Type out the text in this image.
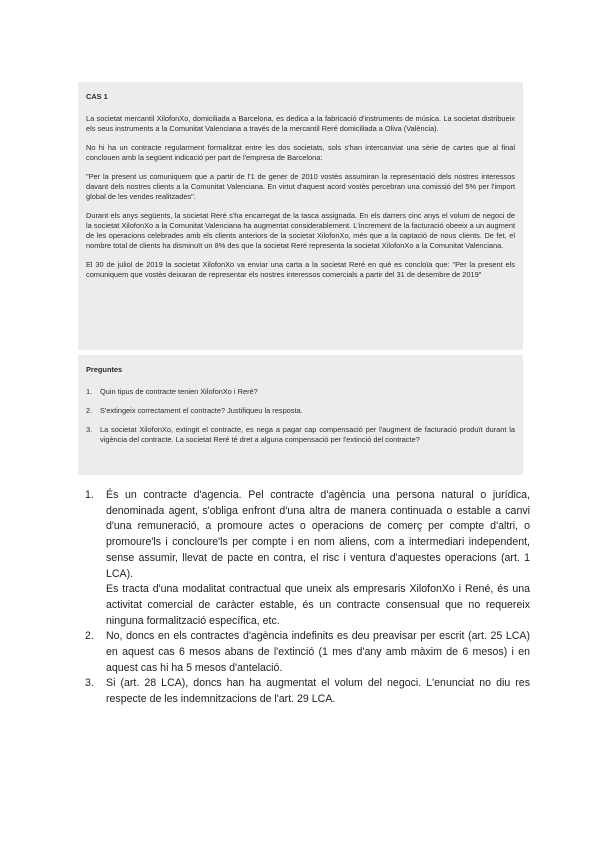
CAS 1

La societat mercantil XilofonXo, domiciliada a Barcelona, es dedica a la fabricació d'instruments de música. La societat distribueix els seus instruments a la Comunitat Valenciana a través de la mercantil Reré domiciliada a Oliva (València).

No hi ha un contracte regularment formalitzat entre les dos societats, sols s'han intercanviat una sèrie de cartes que al final conclouen amb la següent indicació per part de l'empresa de Barcelona:

"Per la present us comuniquem que a partir de l'1 de gener de 2010 vostès assumiran la representació dels nostres interessos davant dels nostres clients a la Comunitat Valenciana. En virtut d'aquest acord vostès percebran una comissió del 5% per l'import global de les vendes realitzades".

Durant els anys següents, la societat Reré s'ha encarregat de la tasca assignada. En els darrers cinc anys el volum de negoci de la societat XilofonXo a la Comunitat Valenciana ha augmentat considerablement. L'increment de la facturació obeeix a un augment de les operacions celebrades amb els clients anteriors de la societat XilofonXo, més que a la captació de nous clients. De fet, el nombre total de clients ha disminuït un 8% des que la societat Reré representa la societat XilofonXo a la Comunitat Valenciana.

El 30 de juliol de 2019 la societat XilofonXo va enviar una carta a la societat Reré en què es concloïa que: "Per la present els comuniquem que vostès deixaran de representar els nostres interessos comercials a partir del 31 de desembre de 2019"

Preguntes
1.	Quin tipus de contracte tenien XilofonXo i Reré?
2.	S'extingeix correctament el contracte? Justifiqueu la resposta.
3.	La societat XilofonXo, extingit el contracte, es nega a pagar cap compensació per l'augment de facturació produït durant la vigència del contracte. La societat Reré té dret a alguna compensació per l'extinció del contracte?
1.	És un contracte d'agencia. Pel contracte d'agència una persona natural o jurídica, denominada agent, s'obliga enfront d'una altra de manera continuada o estable a canvi d'una remuneració, a promoure actes o operacions de comerç per compte d'altri, o promoure'ls i concloure'ls per compte i en nom aliens, com a intermediari independent, sense assumir, llevat de pacte en contra, el risc i ventura d'aquestes operacions (art. 1 LCA).

Es tracta d'una modalitat contractual que uneix als empresaris XilofonXo i René, és una activitat comercial de caràcter estable, és un contracte consensual que no requereix ninguna formalització específica, etc.

2.	No, doncs en els contractes d'agència indefinits es deu preavisar per escrit (art. 25 LCA) en aquest cas 6 mesos abans de l'extinció (1 mes d'any amb màxim de 6 mesos) i en aquest cas hi ha 5 mesos d'antelació.

3.	Si (art. 28 LCA), doncs han ha augmentat el volum del negoci. L'enunciat no diu res respecte de les indemnitzacions de l'art. 29 LCA.
